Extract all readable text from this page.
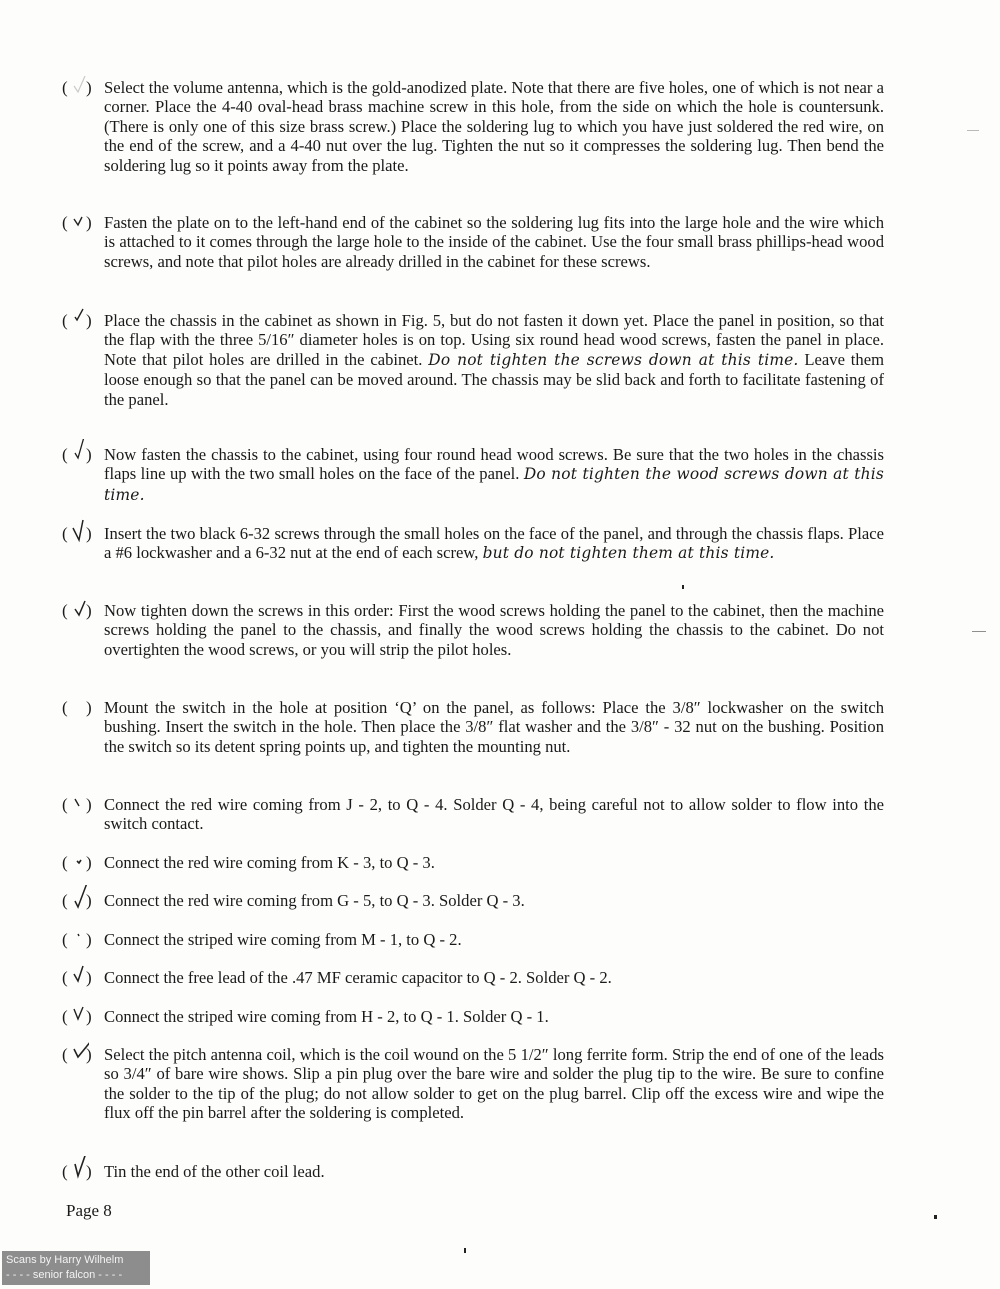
( ) Select the volume antenna, which is the gold-anodized plate. Note that there are five holes, one of which is not near a corner. Place the 4-40 oval-head brass machine screw in this hole, from the side on which the hole is countersunk. (There is only one of this size brass screw.) Place the soldering lug to which you have just soldered the red wire, on the end of the screw, and a 4-40 nut over the lug. Tighten the nut so it compresses the soldering lug. Then bend the soldering lug so it points away from the plate.
( ) Fasten the plate on to the left-hand end of the cabinet so the soldering lug fits into the large hole and the wire which is attached to it comes through the large hole to the inside of the cabinet. Use the four small brass phillips-head wood screws, and note that pilot holes are already drilled in the cabinet for these screws.
( ) Place the chassis in the cabinet as shown in Fig. 5, but do not fasten it down yet. Place the panel in position, so that the flap with the three 5/16″ diameter holes is on top. Using six round head wood screws, fasten the panel in place. Note that pilot holes are drilled in the cabinet. Do not tighten the screws down at this time. Leave them loose enough so that the panel can be moved around. The chassis may be slid back and forth to facilitate fastening of the panel.
( ) Now fasten the chassis to the cabinet, using four round head wood screws. Be sure that the two holes in the chassis flaps line up with the two small holes on the face of the panel. Do not tighten the wood screws down at this time.
( ) Insert the two black 6-32 screws through the small holes on the face of the panel, and through the chassis flaps. Place a #6 lockwasher and a 6-32 nut at the end of each screw, but do not tighten them at this time.
( ) Now tighten down the screws in this order: First the wood screws holding the panel to the cabinet, then the machine screws holding the panel to the chassis, and finally the wood screws holding the chassis to the cabinet. Do not overtighten the wood screws, or you will strip the pilot holes.
( ) Mount the switch in the hole at position ‘Q’ on the panel, as follows: Place the 3/8″ lockwasher on the switch bushing. Insert the switch in the hole. Then place the 3/8″ flat washer and the 3/8″ - 32 nut on the bushing. Position the switch so its detent spring points up, and tighten the mounting nut.
( ) Connect the red wire coming from J - 2, to Q - 4. Solder Q - 4, being careful not to allow solder to flow into the switch contact.
( ) Connect the red wire coming from K - 3, to Q - 3.
( ) Connect the red wire coming from G - 5, to Q - 3. Solder Q - 3.
( ) Connect the striped wire coming from M - 1, to Q - 2.
( ) Connect the free lead of the .47 MF ceramic capacitor to Q - 2. Solder Q - 2.
( ) Connect the striped wire coming from H - 2, to Q - 1. Solder Q - 1.
( ) Select the pitch antenna coil, which is the coil wound on the 5 1/2″ long ferrite form. Strip the end of one of the leads so 3/4″ of bare wire shows. Slip a pin plug over the bare wire and solder the plug tip to the wire. Be sure to confine the solder to the tip of the plug; do not allow solder to get on the plug barrel. Clip off the excess wire and wipe the flux off the pin barrel after the soldering is completed.
( ) Tin the end of the other coil lead.
Page 8
Scans by Harry Wilhelm
- - - - senior falcon - - - -
